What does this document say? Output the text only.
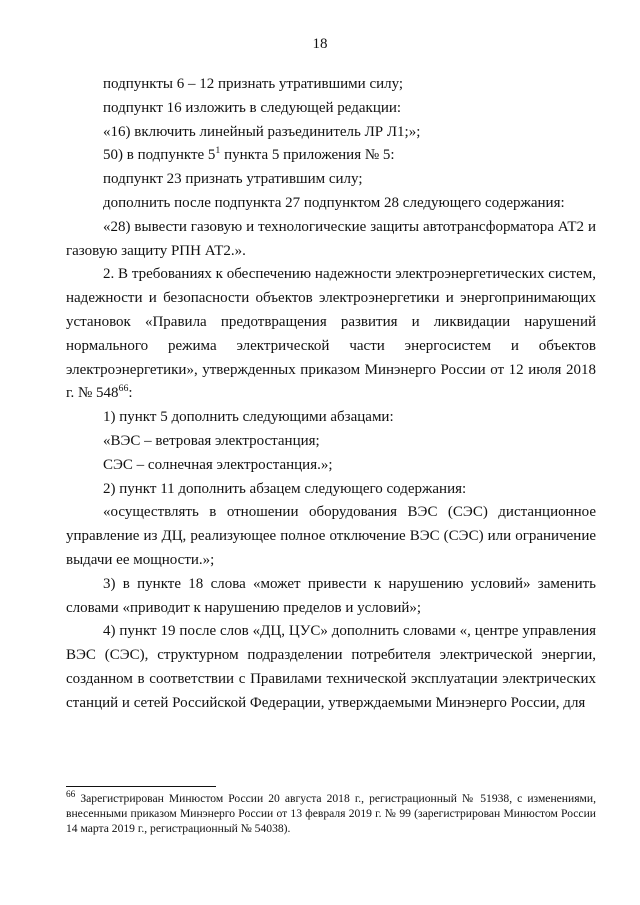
18

подпункты 6 – 12 признать утратившими силу;

подпункт 16 изложить в следующей редакции:

«16) включить линейный разъединитель ЛР Л1;»;

50) в подпункте $5^1$ пункта 5 приложения № 5:

подпункт 23 признать утратившим силу;

дополнить после подпункта 27 подпунктом 28 следующего содержания:

«28) вывести газовую и технологические защиты автотрансформатора АТ2 и газовую защиту РПН АТ2.».

2. В требованиях к обеспечению надежности электроэнергетических систем, надежности и безопасности объектов электроэнергетики и энергопринимающих установок «Правила предотвращения развития и ликвидации нарушений нормального режима электрической части энергосистем и объектов электроэнергетики», утвержденных приказом Минэнерго России от 12 июля 2018 г. № $548^{66}$:

1) пункт 5 дополнить следующими абзацами:

«ВЭС – ветровая электростанция;

СЭС – солнечная электростанция.»;

2) пункт 11 дополнить абзацем следующего содержания:

«осуществлять в отношении оборудования ВЭС (СЭС) дистанционное управление из ДЦ, реализующее полное отключение ВЭС (СЭС) или ограничение выдачи ее мощности.»;

3) в пункте 18 слова «может привести к нарушению условий» заменить словами «приводит к нарушению пределов и условий»;

4) пункт 19 после слов «ДЦ, ЦУС» дополнить словами «, центре управления ВЭС (СЭС), структурном подразделении потребителя электрической энергии, созданном в соответствии с Правилами технической эксплуатации электрических станций и сетей Российской Федерации, утверждаемыми Минэнерго России, для

$^{66}$ Зарегистрирован Минюстом России 20 августа 2018 г., регистрационный № 51938, с изменениями, внесенными приказом Минэнерго России от 13 февраля 2019 г. № 99 (зарегистрирован Минюстом России 14 марта 2019 г., регистрационный № 54038).
